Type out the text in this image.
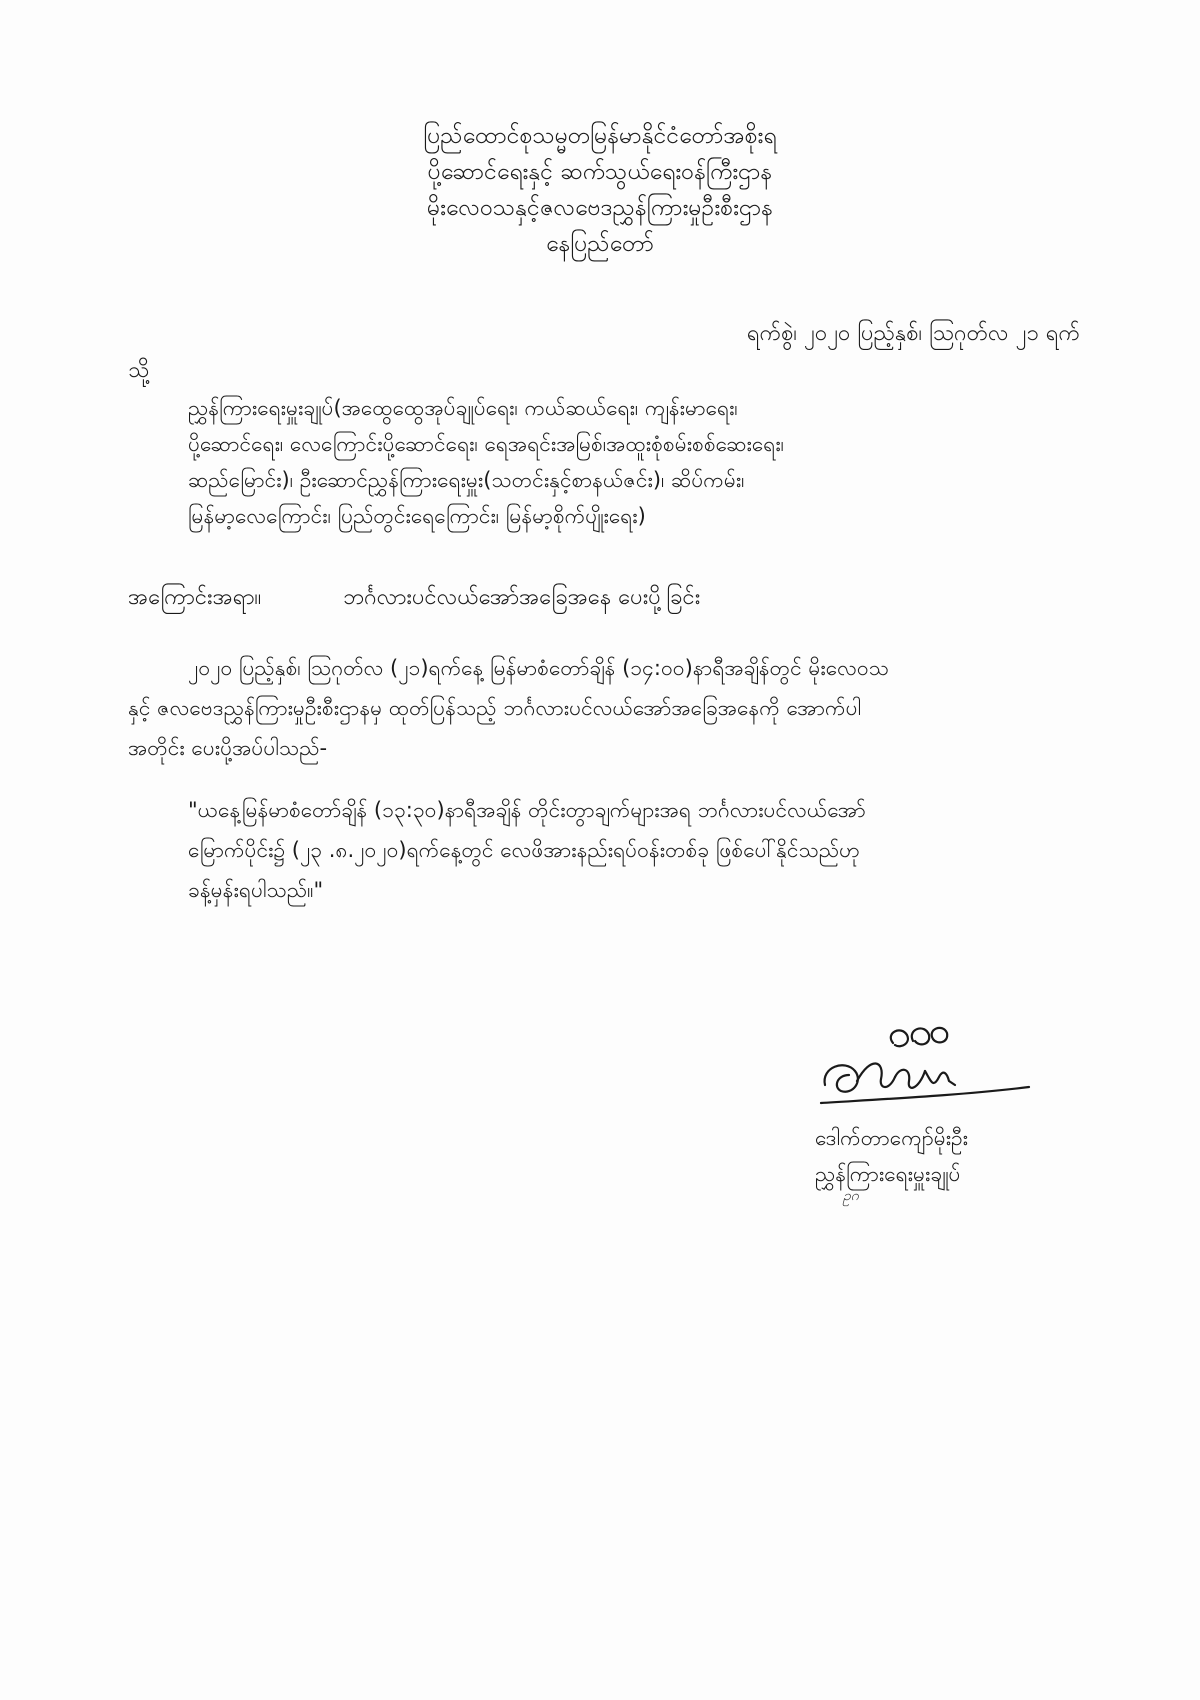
ပြည်ထောင်စုသမ္မတမြန်မာနိုင်ငံတော်အစိုးရ
ပို့ဆောင်ရေးနှင့် ဆက်သွယ်ရေးဝန်ကြီးဌာန
မိုးလေဝသနှင့်ဇလဗေဒညွှန်ကြားမှုဦးစီးဌာန
နေပြည်တော်
ရက်စွဲ၊ ၂၀၂၀ ပြည့်နှစ်၊ ဩဂုတ်လ ၂၁ ရက်
သို့
ညွှန်ကြားရေးမှူးချုပ်(အထွေထွေအုပ်ချုပ်ရေး၊ ကယ်ဆယ်ရေး၊ ကျန်းမာရေး၊
ပို့ဆောင်ရေး၊ လေကြောင်းပို့ဆောင်ရေး၊ ရေအရင်းအမြစ်၊အထူးစုံစမ်းစစ်ဆေးရေး၊
ဆည်မြောင်း)၊ ဦးဆောင်ညွှန်ကြားရေးမှူး(သတင်းနှင့်စာနယ်ဇင်း)၊ ဆိပ်ကမ်း၊
မြန်မာ့လေကြောင်း၊ ပြည်တွင်းရေကြောင်း၊ မြန်မာ့စိုက်ပျိုးရေး)
အကြောင်းအရာ။	ဘင်္ဂလားပင်လယ်အော်အခြေအနေ ပေးပို့ခြင်း
၂၀၂၀ ပြည့်နှစ်၊ ဩဂုတ်လ (၂၁)ရက်နေ့ မြန်မာစံတော်ချိန် (၁၄:၀၀)နာရီအချိန်တွင် မိုးလေဝသ
နှင့် ဇလဗေဒညွှန်ကြားမှုဦးစီးဌာနမှ ထုတ်ပြန်သည့် ဘင်္ဂလားပင်လယ်အော်အခြေအနေကို အောက်ပါ
အတိုင်း ပေးပို့အပ်ပါသည်-
"ယနေ့မြန်မာစံတော်ချိန် (၁၃:၃၀)နာရီအချိန် တိုင်းတွာချက်များအရ ဘင်္ဂလားပင်လယ်အော်
မြောက်ပိုင်း၌ (၂၃ .၈.၂၀၂၀)ရက်နေ့တွင် လေဖိအားနည်းရပ်ဝန်းတစ်ခု ဖြစ်ပေါ်နိုင်သည်ဟု
ခန့်မှန်းရပါသည်။"
ဒေါက်တာကျော်မိုးဦး
ညွှန်ကြားရေးမှူးချုပ်
ဥဂ
